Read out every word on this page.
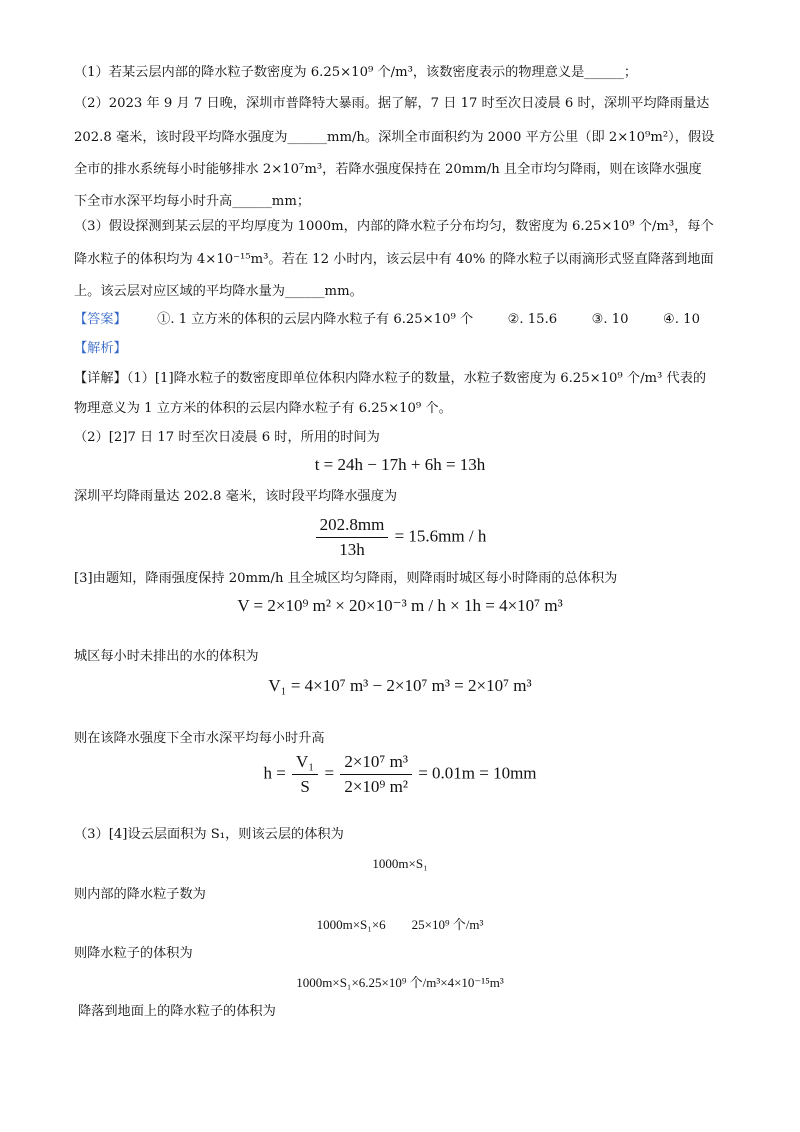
（1）若某云层内部的降水粒子数密度为 6.25×10⁹ 个/m³，该数密度表示的物理意义是______；
（2）2023 年 9 月 7 日晚，深圳市普降特大暴雨。据了解，7 日 17 时至次日凌晨 6 时，深圳平均降雨量达
202.8 毫米，该时段平均降水强度为______mm/h。深圳全市面积约为 2000 平方公里（即 2×10⁹m²），假设
全市的排水系统每小时能够排水 2×10⁷m³，若降水强度保持在 20mm/h 且全市均匀降雨，则在该降水强度
下全市水深平均每小时升高______mm；
（3）假设探测到某云层的平均厚度为 1000m，内部的降水粒子分布均匀，数密度为 6.25×10⁹ 个/m³，每个
降水粒子的体积均为 4×10⁻¹⁵m³。若在 12 小时内，该云层中有 40% 的降水粒子以雨滴形式竖直降落到地面
上。该云层对应区域的平均降水量为______mm。
【答案】 ①. 1 立方米的体积的云层内降水粒子有 6.25×10⁹ 个	②. 15.6	③. 10	④. 10
【解析】
【详解】（1）[1]降水粒子的数密度即单位体积内降水粒子的数量，水粒子数密度为 6.25×10⁹ 个/m³ 代表的
物理意义为 1 立方米的体积的云层内降水粒子有 6.25×10⁹ 个。
（2）[2]7 日 17 时至次日凌晨 6 时，所用的时间为
t = 24h − 17h + 6h = 13h
深圳平均降雨量达 202.8 毫米，该时段平均降水强度为
$\frac{202.8mm}{13h} = 15.6mm / h$
[3]由题知，降雨强度保持 20mm/h 且全城区均匀降雨，则降雨时城区每小时降雨的总体积为
V = 2×10⁹ m² × 20×10⁻³ m / h × 1h = 4×10⁷ m³
城区每小时未排出的水的体积为
V₁ = 4×10⁷ m³ − 2×10⁷ m³ = 2×10⁷ m³
则在该降水强度下全市水深平均每小时升高
$h = \frac{\text{V₁}}{S} = \frac{\text{2×10⁷ m³}}{\text{2×10⁹ m²}} = 0.01m = 10mm$
（3）[4]设云层面积为 S₁，则该云层的体积为
1000m×S₁
则内部的降水粒子数为
1000m×S₁×6　　25×10⁹ 个/m³
则降水粒子的体积为
1000m×S₁×6.25×10⁹ 个/m³×4×10⁻¹⁵m³
降落到地面上的降水粒子的体积为
